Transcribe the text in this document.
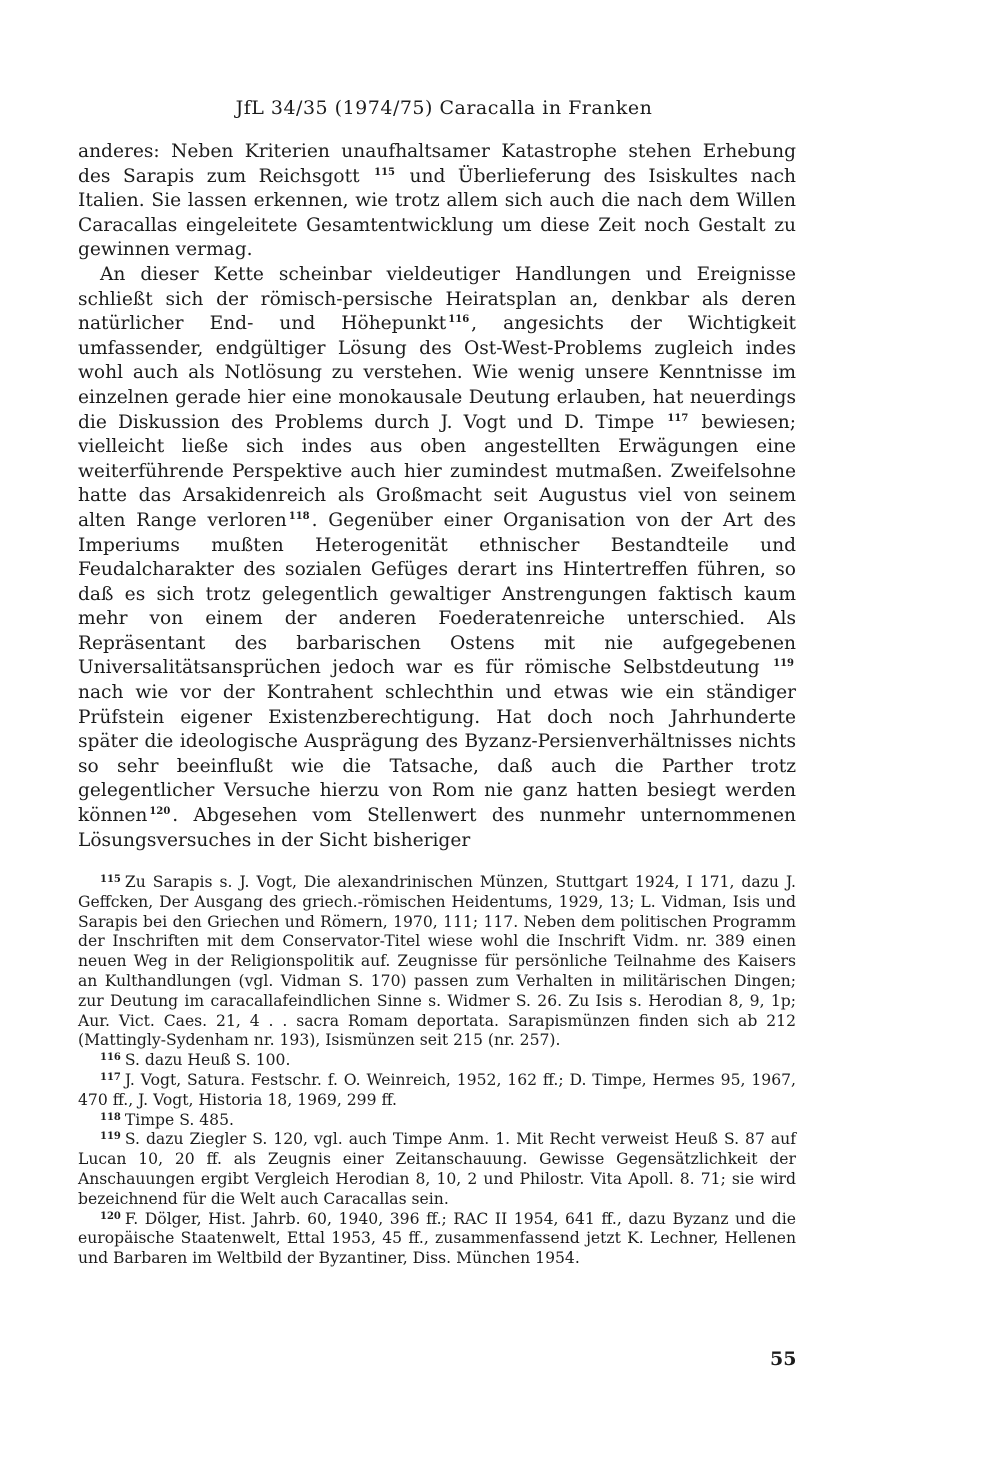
JfL 34/35 (1974/75) Caracalla in Franken

anderes: Neben Kriterien unaufhaltsamer Katastrophe stehen Erhebung des Sarapis zum Reichsgott $^{115}$ und Überlieferung des Isiskultes nach Italien. Sie lassen erkennen, wie trotz allem sich auch die nach dem Willen Caracallas eingeleitete Gesamtentwicklung um diese Zeit noch Gestalt zu gewinnen vermag.

An dieser Kette scheinbar vieldeutiger Handlungen und Ereignisse schließt sich der römisch-persische Heiratsplan an, denkbar als deren natürlicher End- und Höhepunkt $^{116}$ , angesichts der Wichtigkeit umfassender, endgültiger Lösung des Ost-West-Problems zugleich indes wohl auch als Notlösung zu verstehen. Wie wenig unsere Kenntnisse im einzelnen gerade hier eine monokausale Deutung erlauben, hat neuerdings die Diskussion des Problems durch J. Vogt und D. Timpe $^{117}$ bewiesen; vielleicht ließe sich indes aus oben angestellten Erwägungen eine weiterführende Perspektive auch hier zumindest mutmaßen. Zweifelsohne hatte das Arsakidenreich als Großmacht seit Augustus viel von seinem alten Range verloren $^{118}$ . Gegenüber einer Organisation von der Art des Imperiums mußten Heterogenität ethnischer Bestandteile und Feudalcharakter des sozialen Gefüges derart ins Hintertreffen führen, so daß es sich trotz gelegentlich gewaltiger Anstrengungen faktisch kaum mehr von einem der anderen Foederatenreiche unterschied. Als Repräsentant des barbarischen Ostens mit nie aufgegebenen Universalitätsansprüchen jedoch war es für römische Selbstdeutung $^{119}$ nach wie vor der Kontrahent schlechthin und etwas wie ein ständiger Prüfstein eigener Existenzberechtigung. Hat doch noch Jahrhunderte später die ideologische Ausprägung des Byzanz-Persienverhältnisses nichts so sehr beeinflußt wie die Tatsache, daß auch die Parther trotz gelegentlicher Versuche hierzu von Rom nie ganz hatten besiegt werden können $^{120}$ . Abgesehen vom Stellenwert des nunmehr unternommenen Lösungsversuches in der Sicht bisheriger

$^{115}$ Zu Sarapis s. J. Vogt, Die alexandrinischen Münzen, Stuttgart 1924, I 171, dazu J. Geffcken, Der Ausgang des griech.-römischen Heidentums, 1929, 13; L. Vidman, Isis und Sarapis bei den Griechen und Römern, 1970, 111; 117. Neben dem politischen Programm der Inschriften mit dem Conservator-Titel wiese wohl die Inschrift Vidm. nr. 389 einen neuen Weg in der Religionspolitik auf. Zeugnisse für persönliche Teilnahme des Kaisers an Kulthandlungen (vgl. Vidman S. 170) passen zum Verhalten in militärischen Dingen; zur Deutung im caracallafeindlichen Sinne s. Widmer S. 26. Zu Isis s. Herodian 8, 9, 1p; Aur. Vict. Caes. 21, 4 . . sacra Romam deportata. Sarapismünzen finden sich ab 212 (Mattingly-Sydenham nr. 193), Isismünzen seit 215 (nr. 257).

$^{116}$ S. dazu Heuß S. 100.

$^{117}$ J. Vogt, Satura. Festschr. f. O. Weinreich, 1952, 162 ff.; D. Timpe, Hermes 95, 1967, 470 ff., J. Vogt, Historia 18, 1969, 299 ff.

$^{118}$ Timpe S. 485.

$^{119}$ S. dazu Ziegler S. 120, vgl. auch Timpe Anm. 1. Mit Recht verweist Heuß S. 87 auf Lucan 10, 20 ff. als Zeugnis einer Zeitanschauung. Gewisse Gegensätzlichkeit der Anschauungen ergibt Vergleich Herodian 8, 10, 2 und Philostr. Vita Apoll. 8. 71; sie wird bezeichnend für die Welt auch Caracallas sein.

$^{120}$ F. Dölger, Hist. Jahrb. 60, 1940, 396 ff.; RAC II 1954, 641 ff., dazu Byzanz und die europäische Staatenwelt, Ettal 1953, 45 ff., zusammenfassend jetzt K. Lechner, Hellenen und Barbaren im Weltbild der Byzantiner, Diss. München 1954.

55
